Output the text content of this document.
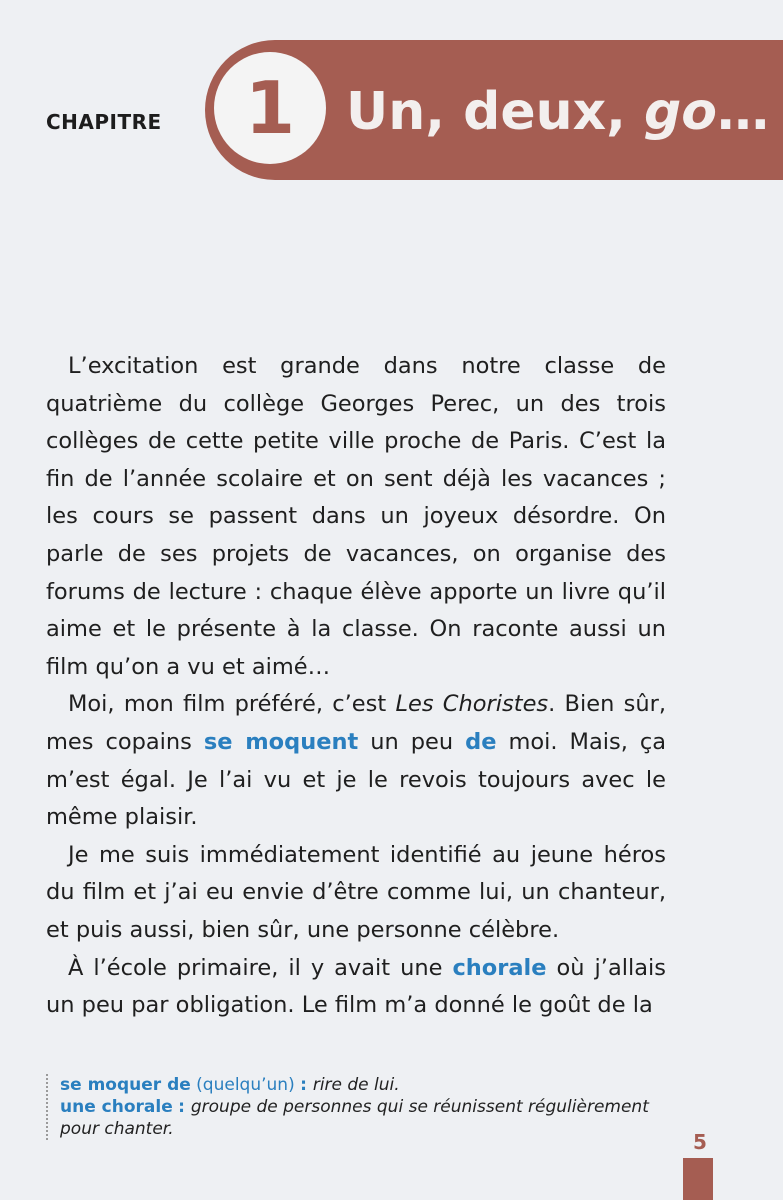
CHAPITRE 1 Un, deux, go…

L’excitation est grande dans notre classe de quatrième du collège Georges Perec, un des trois collèges de cette petite ville proche de Paris. C’est la fin de l’année scolaire et on sent déjà les vacances ; les cours se passent dans un joyeux désordre. On parle de ses projets de vacances, on organise des forums de lecture : chaque élève apporte un livre qu’il aime et le présente à la classe. On raconte aussi un film qu’on a vu et aimé…

Moi, mon film préféré, c’est Les Choristes. Bien sûr, mes copains se moquent un peu de moi. Mais, ça m’est égal. Je l’ai vu et je le revois toujours avec le même plaisir.

Je me suis immédiatement identifié au jeune héros du film et j’ai eu envie d’être comme lui, un chanteur, et puis aussi, bien sûr, une personne célèbre.

À l’école primaire, il y avait une chorale où j’allais un peu par obligation. Le film m’a donné le goût de la

se moquer de (quelqu’un) : rire de lui.
une chorale : groupe de personnes qui se réunissent régulièrement pour chanter.
5
